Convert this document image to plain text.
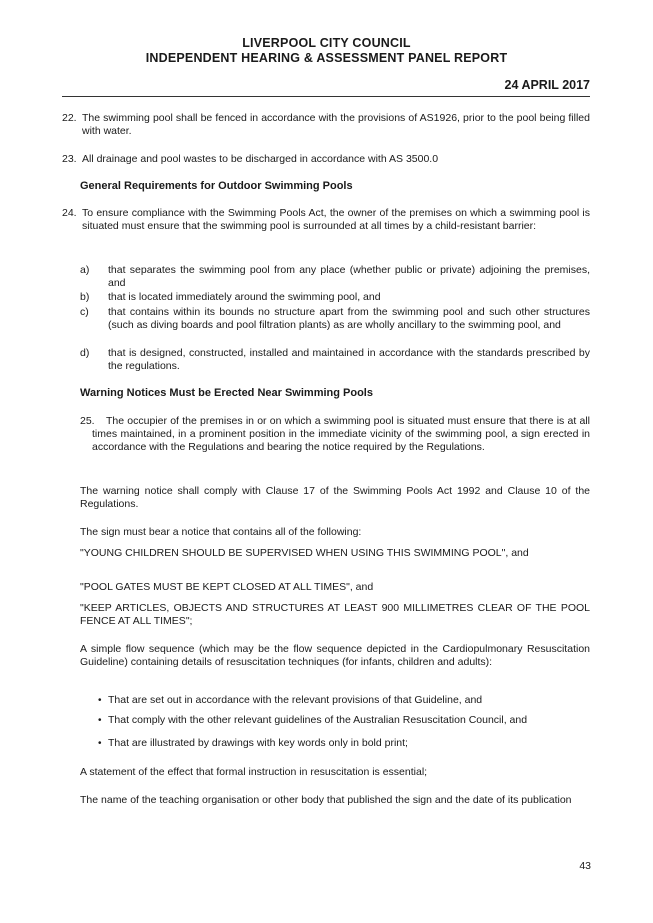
LIVERPOOL CITY COUNCIL
INDEPENDENT HEARING & ASSESSMENT PANEL REPORT
24 APRIL 2017
22. The swimming pool shall be fenced in accordance with the provisions of AS1926, prior to the pool being filled with water.
23. All drainage and pool wastes to be discharged in accordance with AS 3500.0
General Requirements for Outdoor Swimming Pools
24. To ensure compliance with the Swimming Pools Act, the owner of the premises on which a swimming pool is situated must ensure that the swimming pool is surrounded at all times by a child-resistant barrier:
a) that separates the swimming pool from any place (whether public or private) adjoining the premises, and
b) that is located immediately around the swimming pool, and
c) that contains within its bounds no structure apart from the swimming pool and such other structures (such as diving boards and pool filtration plants) as are wholly ancillary to the swimming pool, and
d) that is designed, constructed, installed and maintained in accordance with the standards prescribed by the regulations.
Warning Notices Must be Erected Near Swimming Pools
25.	The occupier of the premises in or on which a swimming pool is situated must ensure that there is at all times maintained, in a prominent position in the immediate vicinity of the swimming pool, a sign erected in accordance with the Regulations and bearing the notice required by the Regulations.
The warning notice shall comply with Clause 17 of the Swimming Pools Act 1992 and Clause 10 of the Regulations.
The sign must bear a notice that contains all of the following:
"YOUNG CHILDREN SHOULD BE SUPERVISED WHEN USING THIS SWIMMING POOL", and
"POOL GATES MUST BE KEPT CLOSED AT ALL TIMES", and
"KEEP ARTICLES, OBJECTS AND STRUCTURES AT LEAST 900 MILLIMETRES CLEAR OF THE POOL FENCE AT ALL TIMES";
A simple flow sequence (which may be the flow sequence depicted in the Cardiopulmonary Resuscitation Guideline) containing details of resuscitation techniques (for infants, children and adults):
• That are set out in accordance with the relevant provisions of that Guideline, and
• That comply with the other relevant guidelines of the Australian Resuscitation Council, and
• That are illustrated by drawings with key words only in bold print;
A statement of the effect that formal instruction in resuscitation is essential;
The name of the teaching organisation or other body that published the sign and the date of its publication
43
